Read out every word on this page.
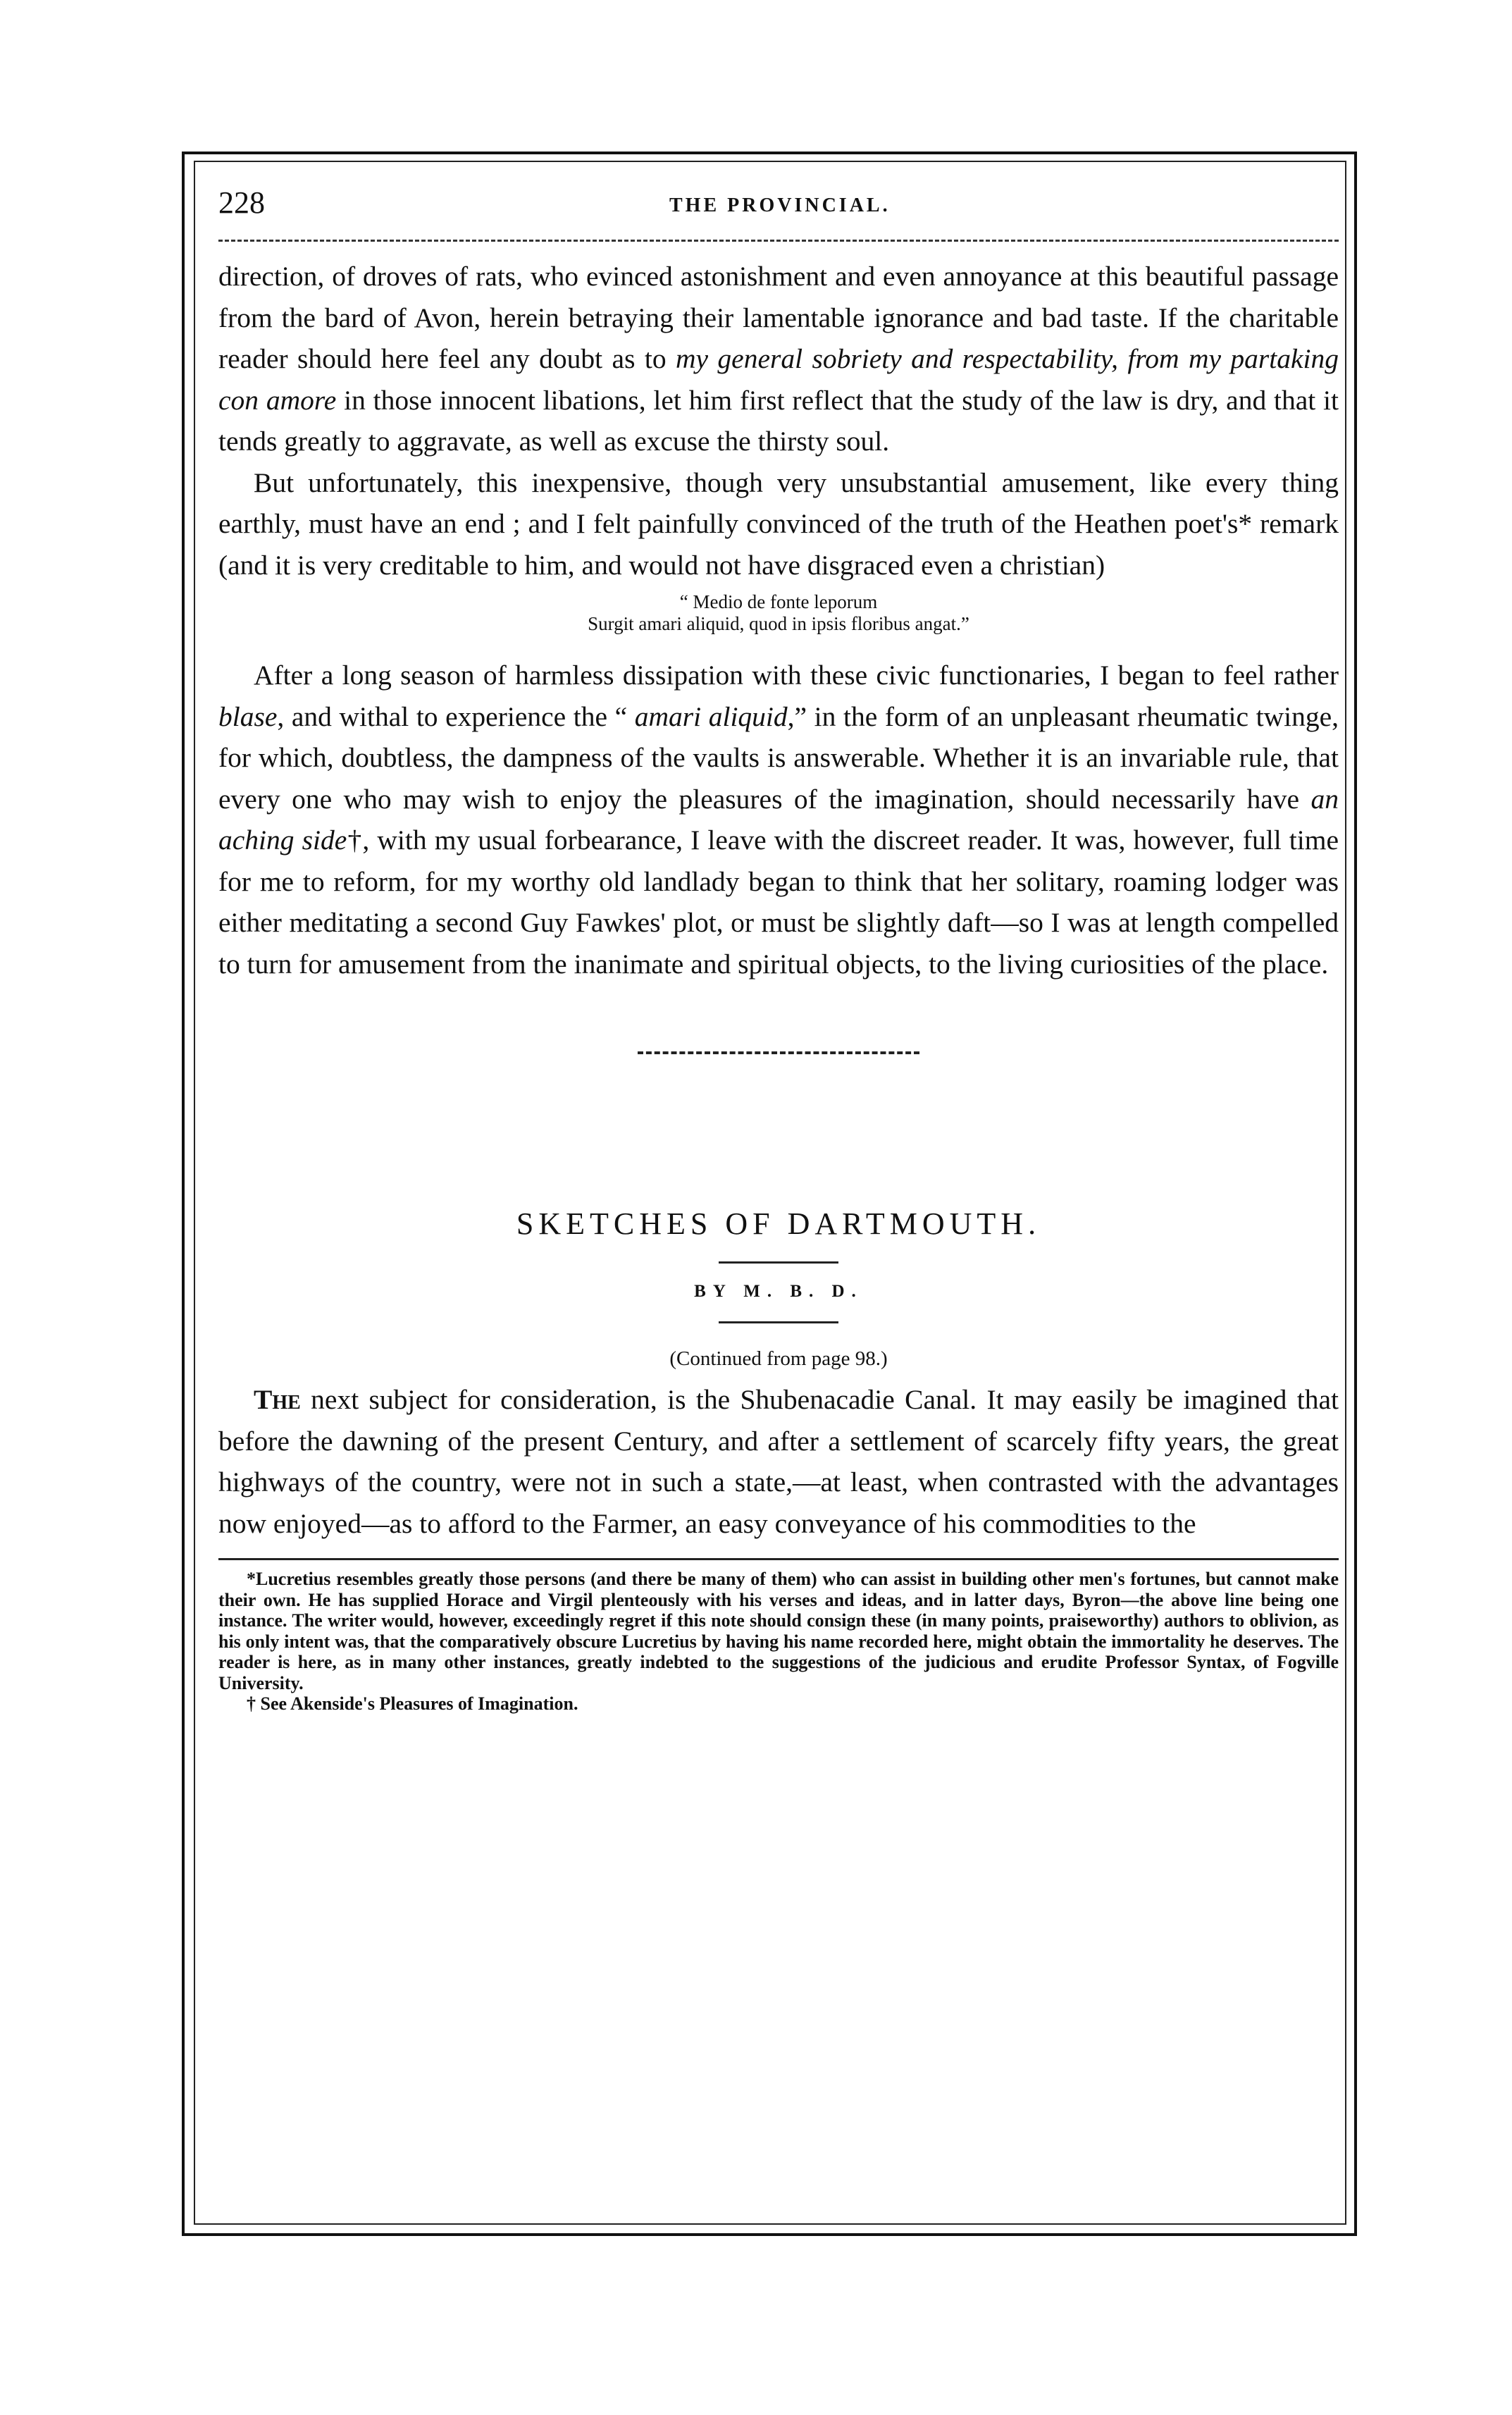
228	THE PROVINCIAL.

direction, of droves of rats, who evinced astonishment and even annoyance at this beautiful passage from the bard of Avon, herein betraying their lamentable ignorance and bad taste. If the charitable reader should here feel any doubt as to my general sobriety and respectability, from my partaking con amore in those innocent libations, let him first reflect that the study of the law is dry, and that it tends greatly to aggravate, as well as excuse the thirsty soul.

But unfortunately, this inexpensive, though very unsubstantial amusement, like every thing earthly, must have an end ; and I felt painfully convinced of the truth of the Heathen poet's* remark (and it is very creditable to him, and would not have disgraced even a christian)

“ Medio de fonte leporum
Surgit amari aliquid, quod in ipsis floribus angat.”

After a long season of harmless dissipation with these civic functionaries, I began to feel rather blase, and withal to experience the “ amari aliquid,” in the form of an unpleasant rheumatic twinge, for which, doubtless, the dampness of the vaults is answerable. Whether it is an invariable rule, that every one who may wish to enjoy the pleasures of the imagination, should necessarily have an aching side†, with my usual forbearance, I leave with the discreet reader. It was, however, full time for me to reform, for my worthy old landlady began to think that her solitary, roaming lodger was either meditating a second Guy Fawkes' plot, or must be slightly daft—so I was at length compelled to turn for amusement from the inanimate and spiritual objects, to the living curiosities of the place.

SKETCHES OF DARTMOUTH.
BY M. B. D.
(Continued from page 98.)

The next subject for consideration, is the Shubenacadie Canal. It may easily be imagined that before the dawning of the present Century, and after a settlement of scarcely fifty years, the great highways of the country, were not in such a state,—at least, when contrasted with the advantages now enjoyed—as to afford to the Farmer, an easy conveyance of his commodities to the

*Lucretius resembles greatly those persons (and there be many of them) who can assist in building other men's fortunes, but cannot make their own. He has supplied Horace and Virgil plenteously with his verses and ideas, and in latter days, Byron—the above line being one instance. The writer would, however, exceedingly regret if this note should consign these (in many points, praiseworthy) authors to oblivion, as his only intent was, that the comparatively obscure Lucretius by having his name recorded here, might obtain the immortality he deserves. The reader is here, as in many other instances, greatly indebted to the suggestions of the judicious and erudite Professor Syntax, of Fogville University.

† See Akenside's Pleasures of Imagination.
